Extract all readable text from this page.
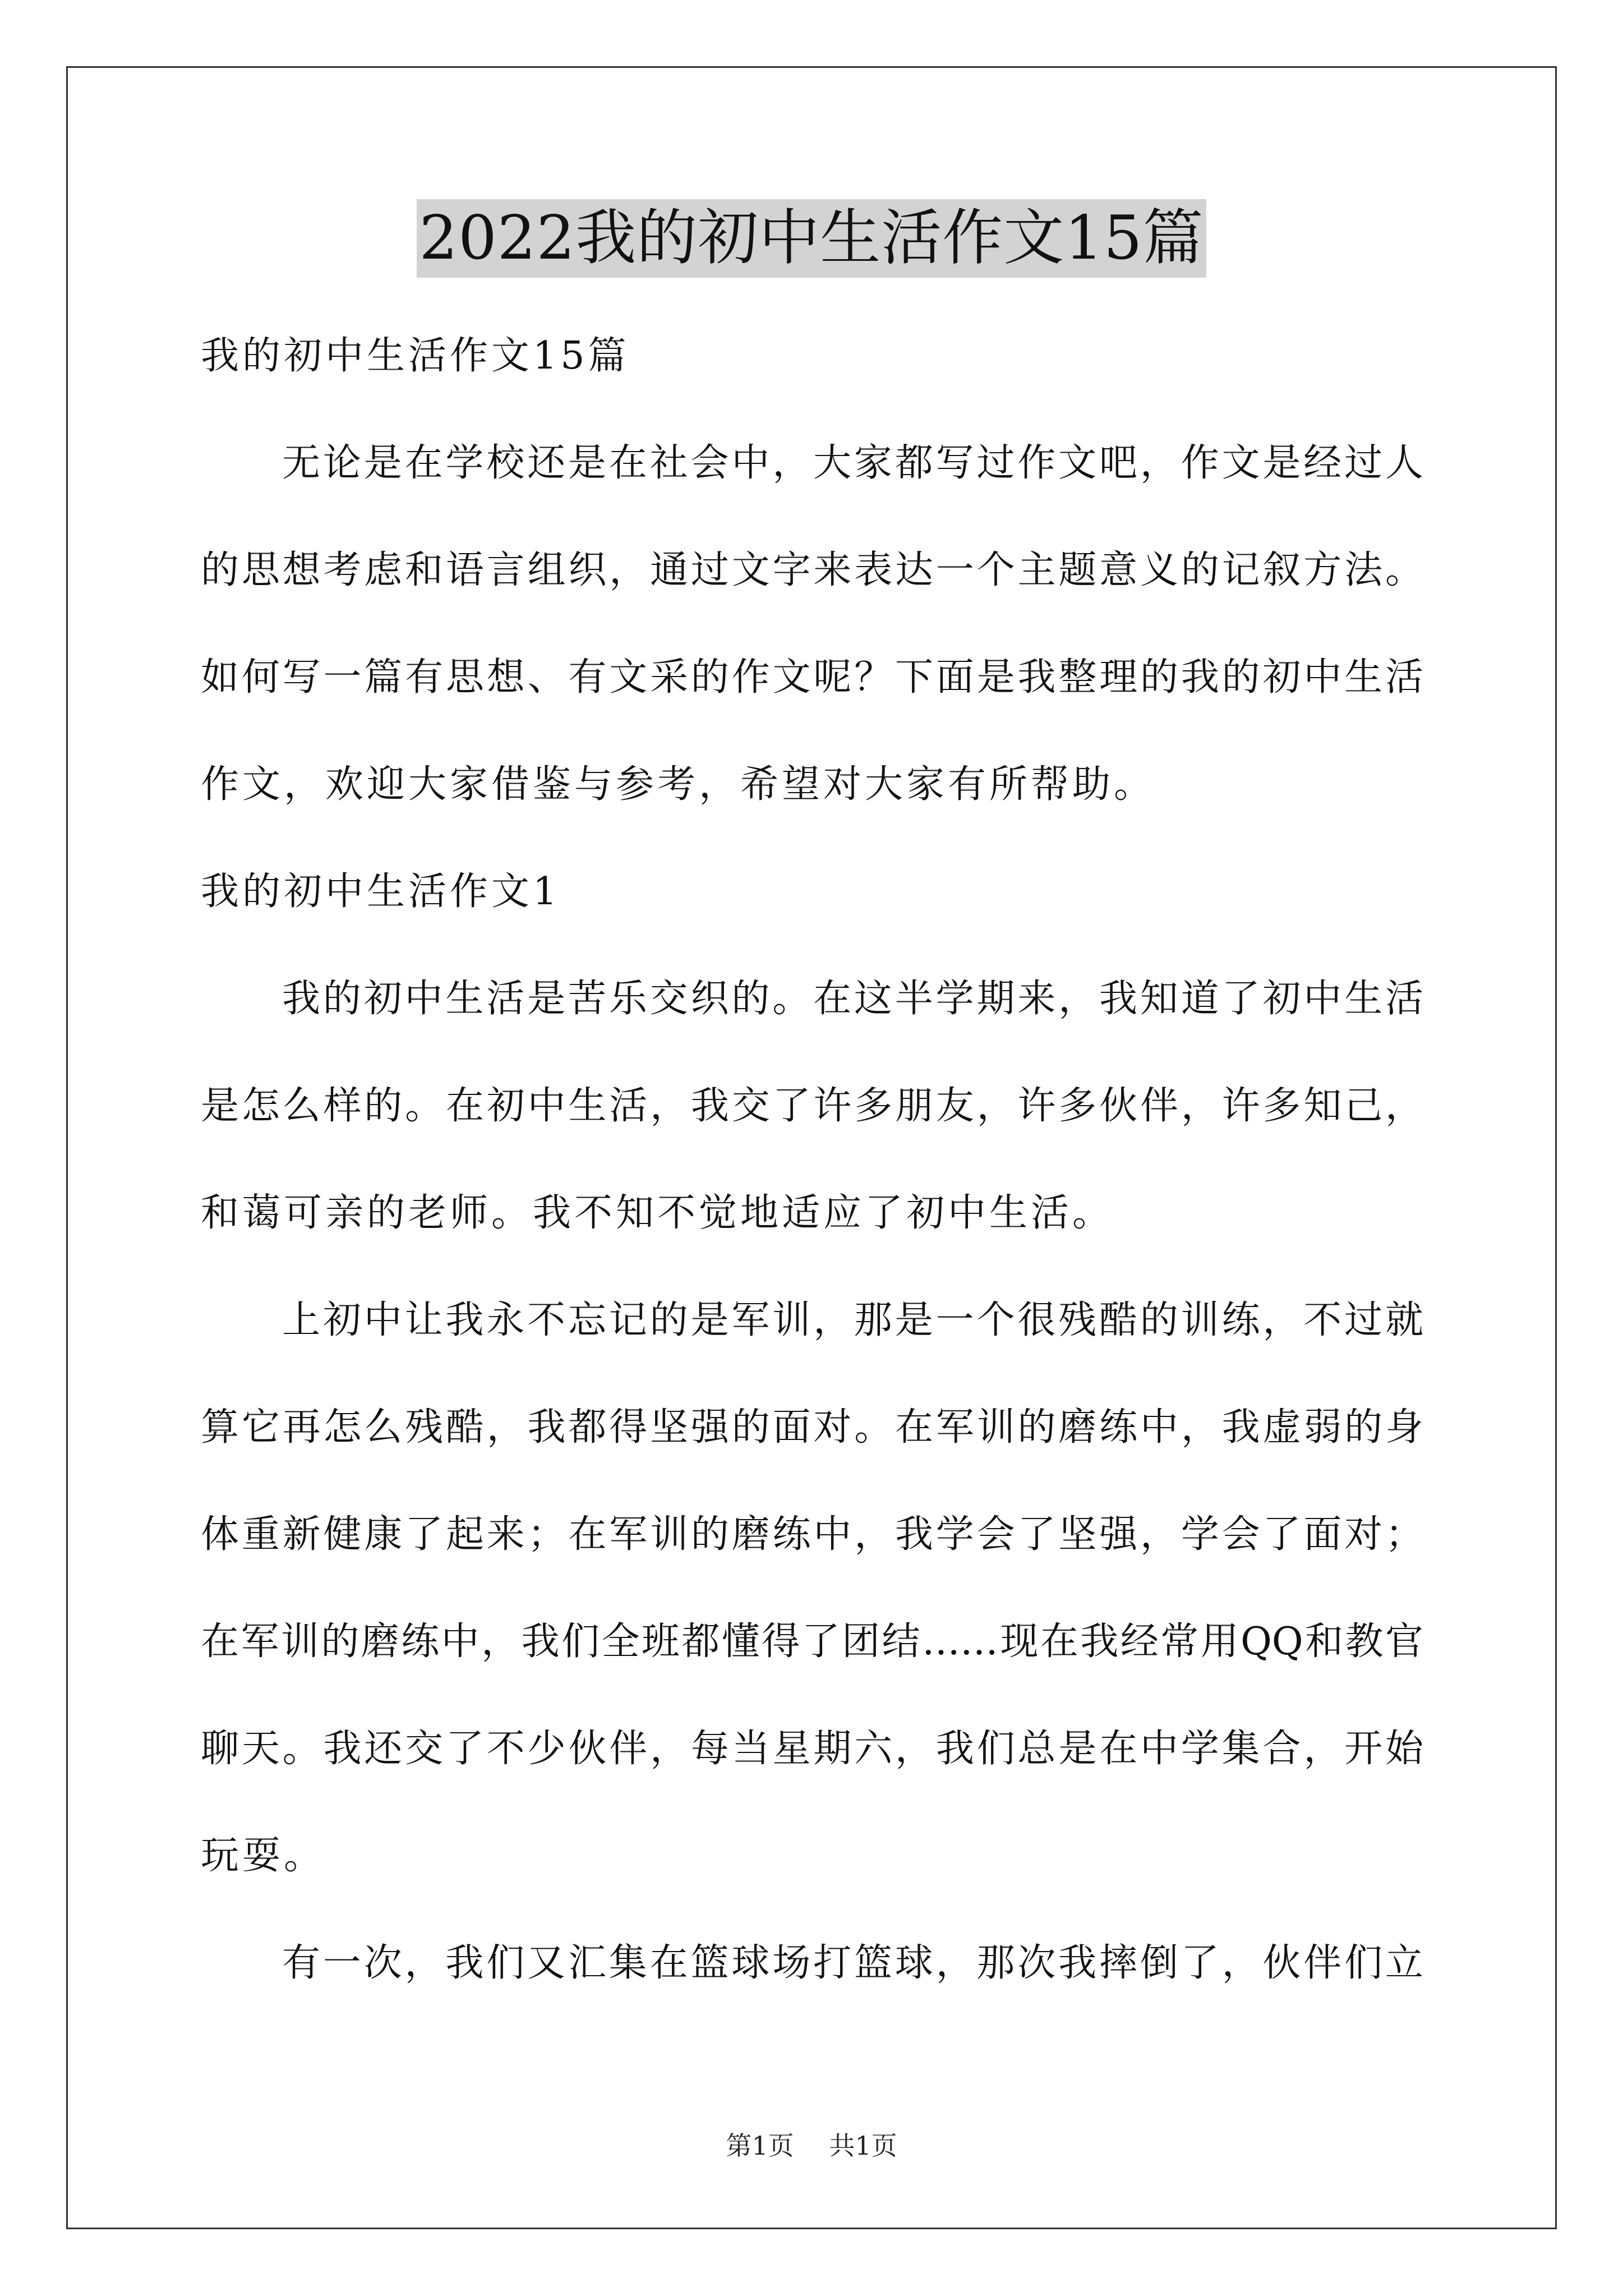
2022我的初中生活作文15篇
我的初中生活作文15篇
无论是在学校还是在社会中，大家都写过作文吧，作文是经过人
的思想考虑和语言组织，通过文字来表达一个主题意义的记叙方法。
如何写一篇有思想、有文采的作文呢？下面是我整理的我的初中生活
作文，欢迎大家借鉴与参考，希望对大家有所帮助。
我的初中生活作文1
我的初中生活是苦乐交织的。在这半学期来，我知道了初中生活
是怎么样的。在初中生活，我交了许多朋友，许多伙伴，许多知己，
和蔼可亲的老师。我不知不觉地适应了初中生活。
上初中让我永不忘记的是军训，那是一个很残酷的训练，不过就
算它再怎么残酷，我都得坚强的面对。在军训的磨练中，我虚弱的身
体重新健康了起来；在军训的磨练中，我学会了坚强，学会了面对；
在军训的磨练中，我们全班都懂得了团结……现在我经常用QQ和教官
聊天。我还交了不少伙伴，每当星期六，我们总是在中学集合，开始
玩耍。
有一次，我们又汇集在篮球场打篮球，那次我摔倒了，伙伴们立
第1页 共1页
